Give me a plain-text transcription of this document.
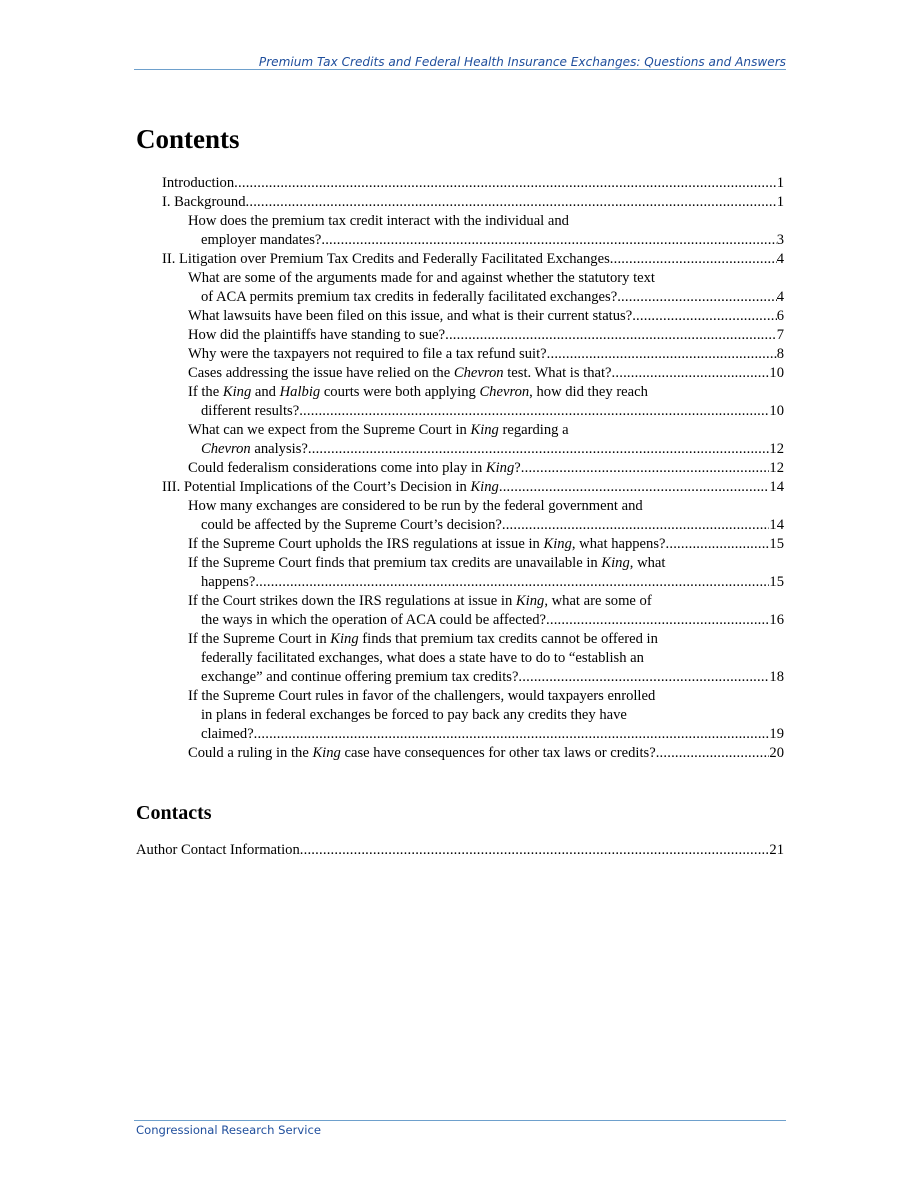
Premium Tax Credits and Federal Health Insurance Exchanges: Questions and Answers
Contents
Introduction .....	1
I. Background .....	1
How does the premium tax credit interact with the individual and
employer mandates? .....	3
II. Litigation over Premium Tax Credits and Federally Facilitated Exchanges .....	4
What are some of the arguments made for and against whether the statutory text
of ACA permits premium tax credits in federally facilitated exchanges? .....	4
What lawsuits have been filed on this issue, and what is their current status? .....	6
How did the plaintiffs have standing to sue? .....	7
Why were the taxpayers not required to file a tax refund suit? .....	8
Cases addressing the issue have relied on the Chevron test. What is that? .....	10
If the King and Halbig courts were both applying Chevron, how did they reach
different results? .....	10
What can we expect from the Supreme Court in King regarding a
Chevron analysis? .....	12
Could federalism considerations come into play in King? .....	12
III. Potential Implications of the Court’s Decision in King .....	14
How many exchanges are considered to be run by the federal government and
could be affected by the Supreme Court’s decision? .....	14
If the Supreme Court upholds the IRS regulations at issue in King, what happens? .....	15
If the Supreme Court finds that premium tax credits are unavailable in King, what
happens? .....	15
If the Court strikes down the IRS regulations at issue in King, what are some of
the ways in which the operation of ACA could be affected? .....	16
If the Supreme Court in King finds that premium tax credits cannot be offered in
federally facilitated exchanges, what does a state have to do to “establish an
exchange” and continue offering premium tax credits? .....	18
If the Supreme Court rules in favor of the challengers, would taxpayers enrolled
in plans in federal exchanges be forced to pay back any credits they have
claimed? .....	19
Could a ruling in the King case have consequences for other tax laws or credits? .....	20
Contacts
Author Contact Information .....	21
Congressional Research Service
